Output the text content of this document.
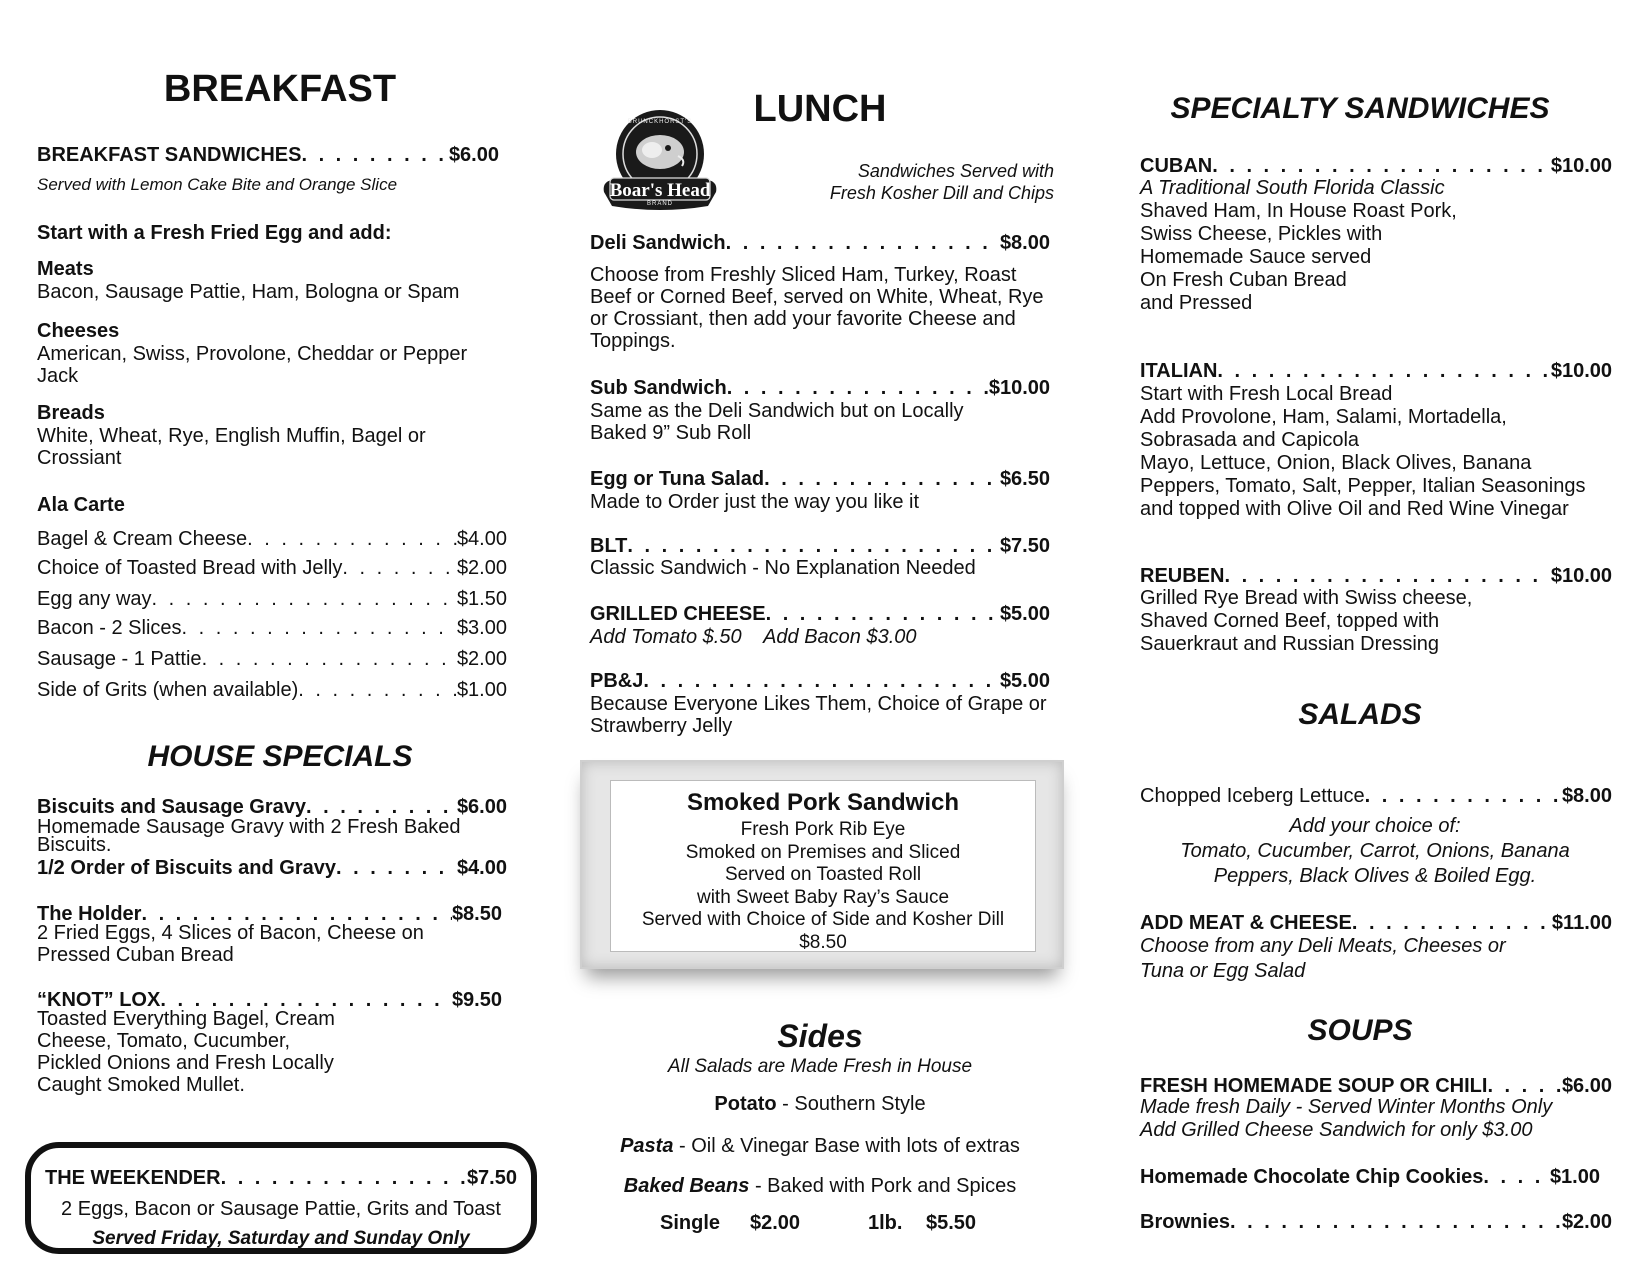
BREAKFAST
BREAKFAST SANDWICHES . . .	$6.00
Served with Lemon Cake Bite and Orange Slice
Start with a Fresh Fried Egg and add:
Meats
Bacon, Sausage Pattie, Ham, Bologna or Spam
Cheeses
American, Swiss, Provolone, Cheddar or Pepper Jack
Breads
White, Wheat, Rye, English Muffin, Bagel or Crossiant
Ala Carte
Bagel & Cream Cheese . . .	$4.00
Choice of Toasted Bread with Jelly . . .	$2.00
Egg any way . . .	$1.50
Bacon - 2 Slices . . .	$3.00
Sausage - 1 Pattie . . .	$2.00
Side of Grits (when available) . . .	$1.00
HOUSE SPECIALS
Biscuits and Sausage Gravy . . .	$6.00
Homemade Sausage Gravy with 2 Fresh Baked Biscuits.
1/2 Order of Biscuits and Gravy . . .	$4.00
The Holder . . .	$8.50
2 Fried Eggs, 4 Slices of Bacon, Cheese on Pressed Cuban Bread
“KNOT” LOX . . .	$9.50
Toasted Everything Bagel, Cream Cheese, Tomato, Cucumber, Pickled Onions and Fresh Locally Caught Smoked Mullet.
THE WEEKENDER . . .	$7.50
2 Eggs, Bacon or Sausage Pattie, Grits and Toast
Served Friday, Saturday and Sunday Only
LUNCH
Boar's Head
BRUNCKHORST'S
BRAND
Sandwiches Served with
Fresh Kosher Dill and Chips
Deli Sandwich . . .	$8.00
Choose from Freshly Sliced Ham, Turkey, Roast Beef or Corned Beef, served on White, Wheat, Rye or Crossiant, then add your favorite Cheese and Toppings.
Sub Sandwich . . .	$10.00
Same as the Deli Sandwich but on Locally Baked 9” Sub Roll
Egg or Tuna Salad . . .	$6.50
Made to Order just the way you like it
BLT . . .	$7.50
Classic Sandwich - No Explanation Needed
GRILLED CHEESE . . .	$5.00
Add Tomato $.50    Add Bacon $3.00
PB&J . . .	$5.00
Because Everyone Likes Them, Choice of Grape or Strawberry Jelly
Smoked Pork Sandwich
Fresh Pork Rib Eye
Smoked on Premises and Sliced
Served on Toasted Roll
with Sweet Baby Ray’s Sauce
Served with Choice of Side and Kosher Dill
$8.50
Sides
All Salads are Made Fresh in House
Potato - Southern Style
Pasta - Oil & Vinegar Base with lots of extras
Baked Beans - Baked with Pork and Spices
Single $2.00	1lb. $5.50
SPECIALTY SANDWICHES
CUBAN . . .	$10.00
A Traditional South Florida Classic
Shaved Ham, In House Roast Pork,
Swiss Cheese, Pickles with
Homemade Sauce served
On Fresh Cuban Bread
and Pressed
ITALIAN . . .	$10.00
Start with Fresh Local Bread
Add Provolone, Ham, Salami, Mortadella,
Sobrasada and Capicola
Mayo, Lettuce, Onion, Black Olives, Banana
Peppers, Tomato, Salt, Pepper, Italian Seasonings
and topped with Olive Oil and Red Wine Vinegar
REUBEN . . .	$10.00
Grilled Rye Bread with Swiss cheese,
Shaved Corned Beef, topped with
Sauerkraut and Russian Dressing
SALADS
Chopped Iceberg Lettuce . . .	$8.00
Add your choice of:
Tomato, Cucumber, Carrot, Onions, Banana
Peppers, Black Olives & Boiled Egg.
ADD MEAT & CHEESE . . .	$11.00
Choose from any Deli Meats, Cheeses or
Tuna or Egg Salad
SOUPS
FRESH HOMEMADE SOUP OR CHILI . . .	$6.00
Made fresh Daily - Served Winter Months Only
Add Grilled Cheese Sandwich for only $3.00
Homemade Chocolate Chip Cookies . . .	$1.00
Brownies . . .	$2.00
